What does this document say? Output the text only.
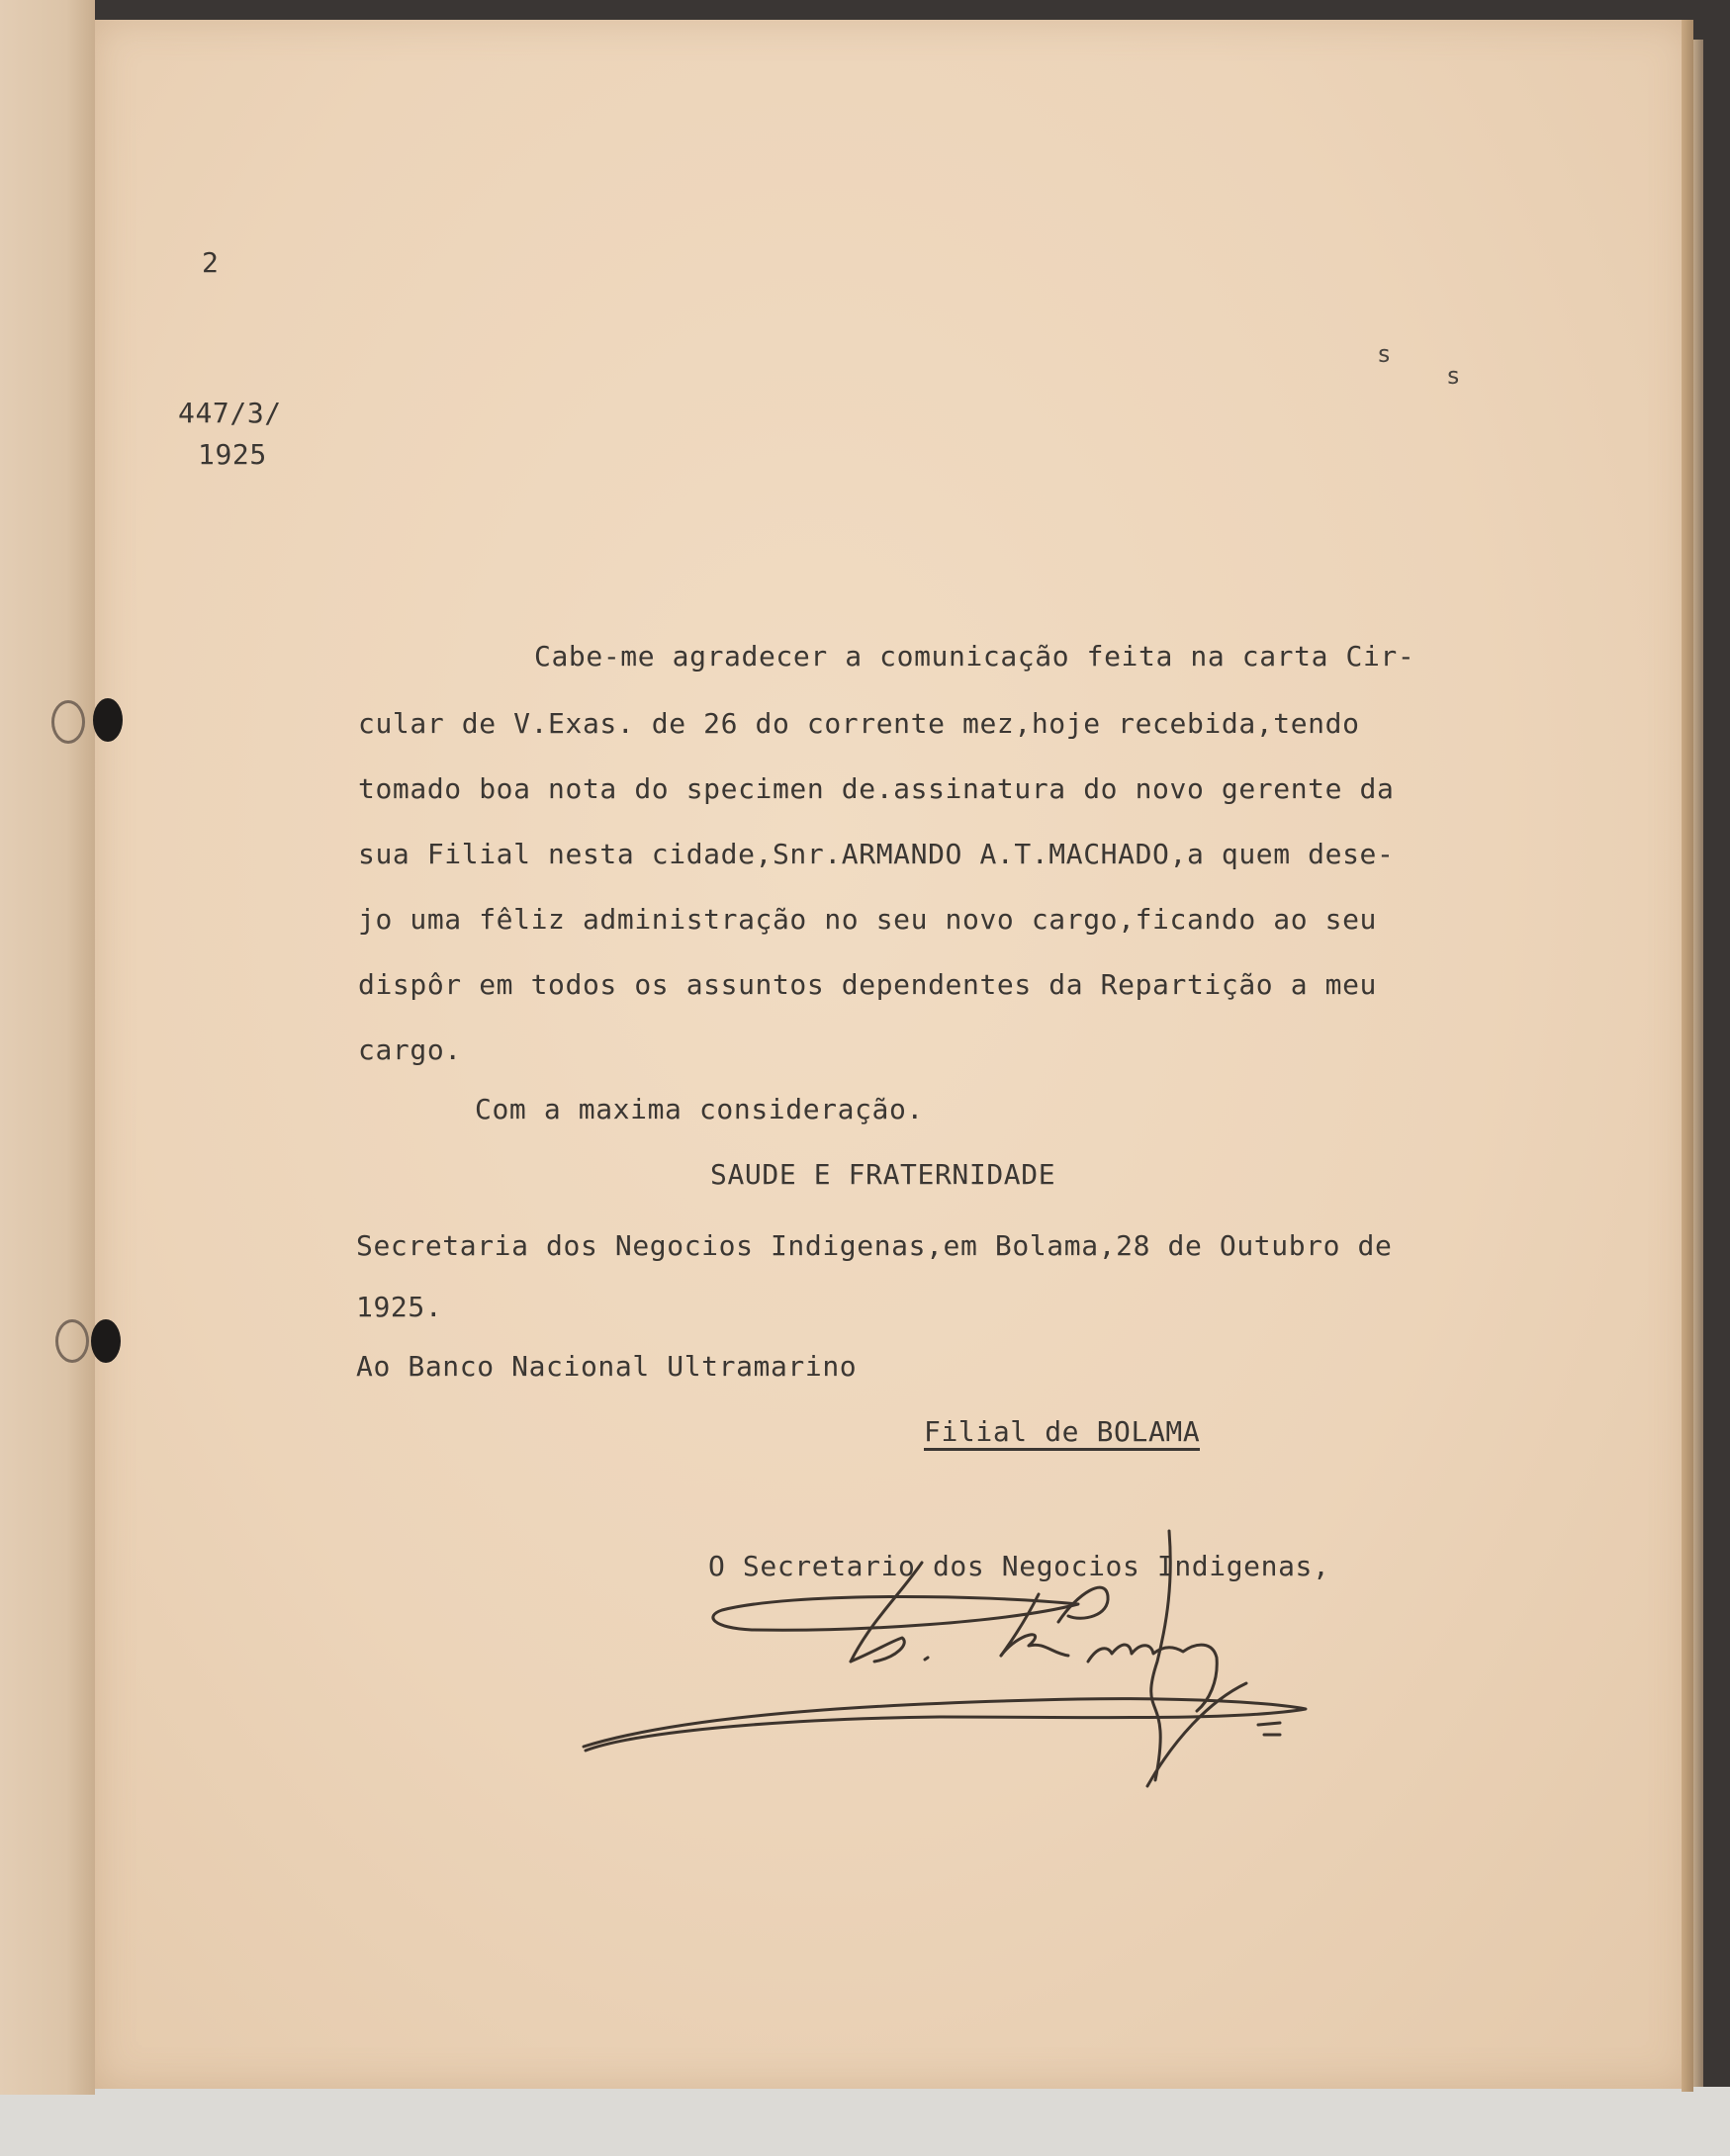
2

447/3/

1925

s

s

Cabe-me agradecer a comunicação feita na carta Cir-

cular de V.Exas. de 26 do corrente mez,hoje recebida,tendo

tomado boa nota do specimen de.assinatura do novo gerente da

sua Filial nesta cidade,Snr.ARMANDO A.T.MACHADO,a quem dese-

jo uma fêliz administração no seu novo cargo,ficando ao seu

dispôr em todos os assuntos dependentes da Repartição a meu

cargo.

Com a maxima consideração.

SAUDE E FRATERNIDADE

Secretaria dos Negocios Indigenas,em Bolama,28 de Outubro de

1925.

Ao Banco Nacional Ultramarino

Filial de BOLAMA

O Secretario dos Negocios Indigenas,
